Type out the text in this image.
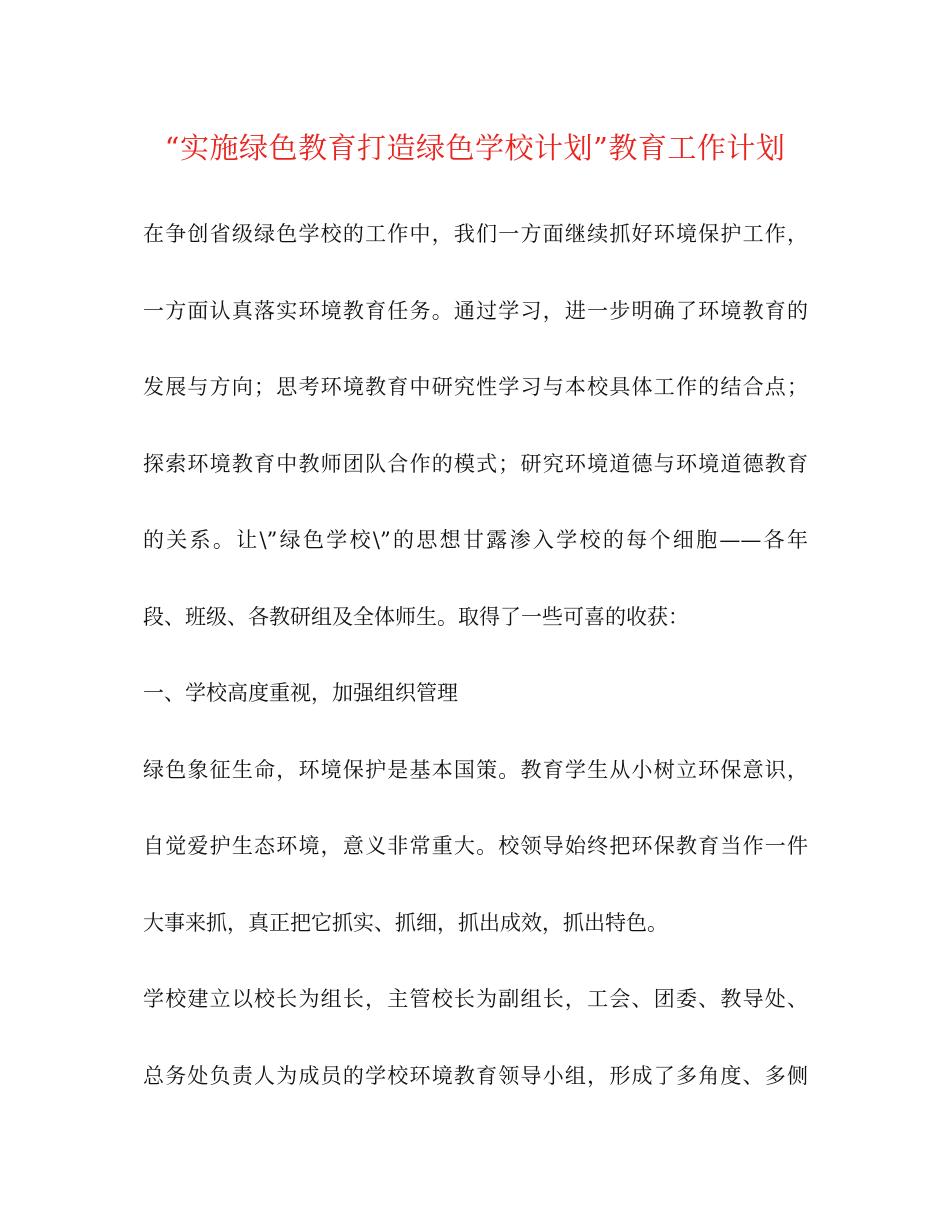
“实施绿色教育打造绿色学校计划”教育工作计划
在争创省级绿色学校的工作中，我们一方面继续抓好环境保护工作，
一方面认真落实环境教育任务。通过学习，进一步明确了环境教育的
发展与方向；思考环境教育中研究性学习与本校具体工作的结合点；
探索环境教育中教师团队合作的模式；研究环境道德与环境道德教育
的关系。让\”绿色学校\”的思想甘露渗入学校的每个细胞——各年
段、班级、各教研组及全体师生。取得了一些可喜的收获：
一、学校高度重视，加强组织管理
绿色象征生命，环境保护是基本国策。教育学生从小树立环保意识，
自觉爱护生态环境，意义非常重大。校领导始终把环保教育当作一件
大事来抓，真正把它抓实、抓细，抓出成效，抓出特色。
学校建立以校长为组长，主管校长为副组长，工会、团委、教导处、
总务处负责人为成员的学校环境教育领导小组，形成了多角度、多侧
